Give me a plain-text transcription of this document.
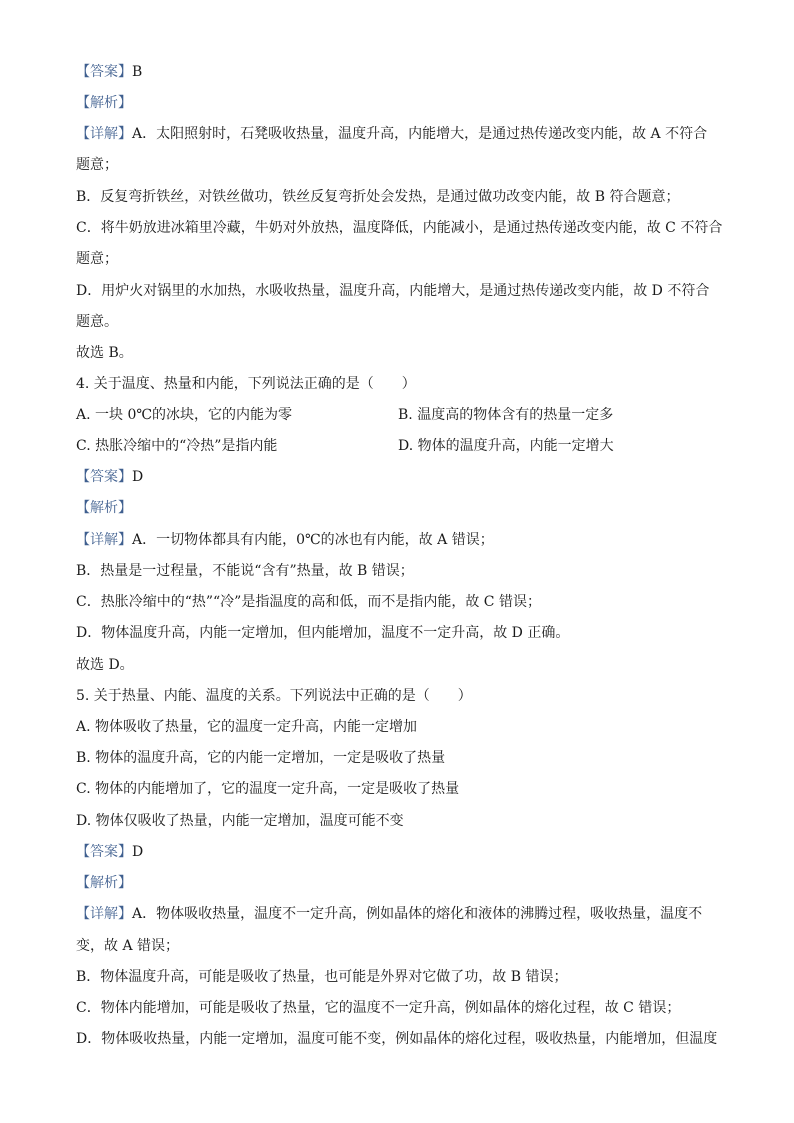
【答案】B
【解析】
【详解】A．太阳照射时，石凳吸收热量，温度升高，内能增大，是通过热传递改变内能，故 A 不符合
题意；
B．反复弯折铁丝，对铁丝做功，铁丝反复弯折处会发热，是通过做功改变内能，故 B 符合题意；
C．将牛奶放进冰箱里冷藏，牛奶对外放热，温度降低，内能减小，是通过热传递改变内能，故 C 不符合
题意；
D．用炉火对锅里的水加热，水吸收热量，温度升高，内能增大，是通过热传递改变内能，故 D 不符合
题意。
故选 B。
4. 关于温度、热量和内能，下列说法正确的是（　　）
A. 一块 0℃的冰块，它的内能为零	B. 温度高的物体含有的热量一定多
C. 热胀冷缩中的“冷热”是指内能	D. 物体的温度升高，内能一定增大
【答案】D
【解析】
【详解】A．一切物体都具有内能，0℃的冰也有内能，故 A 错误；
B．热量是一过程量，不能说“含有”热量，故 B 错误；
C．热胀冷缩中的“热”“冷”是指温度的高和低，而不是指内能，故 C 错误；
D．物体温度升高，内能一定增加，但内能增加，温度不一定升高，故 D 正确。
故选 D。
5. 关于热量、内能、温度的关系。下列说法中正确的是（　　）
A. 物体吸收了热量，它的温度一定升高，内能一定增加
B. 物体的温度升高，它的内能一定增加，一定是吸收了热量
C. 物体的内能增加了，它的温度一定升高，一定是吸收了热量
D. 物体仅吸收了热量，内能一定增加，温度可能不变
【答案】D
【解析】
【详解】A．物体吸收热量，温度不一定升高，例如晶体的熔化和液体的沸腾过程，吸收热量，温度不
变，故 A 错误；
B．物体温度升高，可能是吸收了热量，也可能是外界对它做了功，故 B 错误；
C．物体内能增加，可能是吸收了热量，它的温度不一定升高，例如晶体的熔化过程，故 C 错误；
D．物体吸收热量，内能一定增加，温度可能不变，例如晶体的熔化过程，吸收热量，内能增加，但温度
